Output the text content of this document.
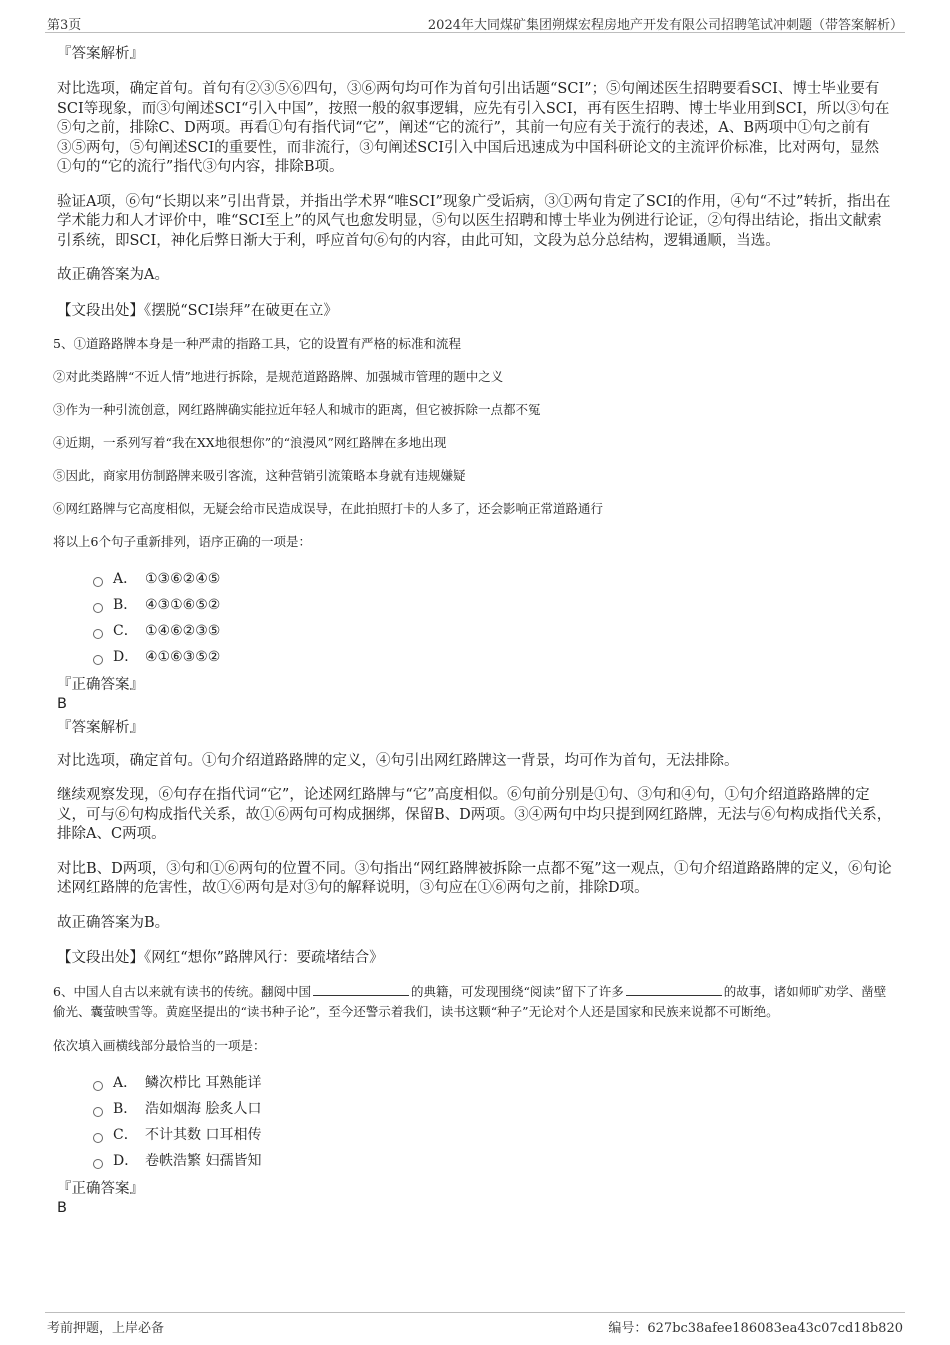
第3页	2024年大同煤矿集团朔煤宏程房地产开发有限公司招聘笔试冲刺题（带答案解析）
『答案解析』
对比选项，确定首句。首句有②③⑤⑥四句，③⑥两句均可作为首句引出话题“SCI”；⑤句阐述医生招聘要看SCI、博士毕业要有SCI等现象，而③句阐述SCI“引入中国”，按照一般的叙事逻辑，应先有引入SCI，再有医生招聘、博士毕业用到SCI，所以③句在⑤句之前，排除C、D两项。再看①句有指代词“它”，阐述“它的流行”，其前一句应有关于流行的表述，A、B两项中①句之前有③⑤两句，⑤句阐述SCI的重要性，而非流行，③句阐述SCI引入中国后迅速成为中国科研论文的主流评价标准，比对两句，显然①句的“它的流行”指代③句内容，排除B项。
验证A项，⑥句“长期以来”引出背景，并指出学术界“唯SCI”现象广受诟病，③①两句肯定了SCI的作用，④句“不过”转折，指出在学术能力和人才评价中，唯“SCI至上”的风气也愈发明显，⑤句以医生招聘和博士毕业为例进行论证，②句得出结论，指出文献索引系统，即SCI，神化后弊日渐大于利，呼应首句⑥句的内容，由此可知，文段为总分总结构，逻辑通顺，当选。
故正确答案为A。
【文段出处】《摆脱“SCI崇拜”在破更在立》
5、①道路路牌本身是一种严肃的指路工具，它的设置有严格的标准和流程
②对此类路牌“不近人情”地进行拆除，是规范道路路牌、加强城市管理的题中之义
③作为一种引流创意，网红路牌确实能拉近年轻人和城市的距离，但它被拆除一点都不冤
④近期，一系列写着“我在XX地很想你”的“浪漫风”网红路牌在多地出现
⑤因此，商家用仿制路牌来吸引客流，这种营销引流策略本身就有违规嫌疑
⑥网红路牌与它高度相似，无疑会给市民造成误导，在此拍照打卡的人多了，还会影响正常道路通行
将以上6个句子重新排列，语序正确的一项是：
A． ①③⑥②④⑤
B． ④③①⑥⑤②
C． ①④⑥②③⑤
D． ④①⑥③⑤②
『正确答案』
B
『答案解析』
对比选项，确定首句。①句介绍道路路牌的定义，④句引出网红路牌这一背景，均可作为首句，无法排除。
继续观察发现，⑥句存在指代词“它”，论述网红路牌与“它”高度相似。⑥句前分别是①句、③句和④句，①句介绍道路路牌的定义，可与⑥句构成指代关系，故①⑥两句可构成捆绑，保留B、D两项。③④两句中均只提到网红路牌，无法与⑥句构成指代关系，排除A、C两项。
对比B、D两项，③句和①⑥两句的位置不同。③句指出“网红路牌被拆除一点都不冤”这一观点，①句介绍道路路牌的定义，⑥句论述网红路牌的危害性，故①⑥两句是对③句的解释说明，③句应在①⑥两句之前，排除D项。
故正确答案为B。
【文段出处】《网红“想你”路牌风行：要疏堵结合》
6、中国人自古以来就有读书的传统。翻阅中国	的典籍，可发现围绕“阅读”留下了许多	的故事，诸如师旷劝学、凿壁偷光、囊萤映雪等。黄庭坚提出的“读书种子论”，至今还警示着我们，读书这颗“种子”无论对个人还是国家和民族来说都不可断绝。
依次填入画横线部分最恰当的一项是：
A． 鳞次栉比 耳熟能详
B． 浩如烟海 脍炙人口
C． 不计其数 口耳相传
D． 卷帙浩繁 妇孺皆知
『正确答案』
B
考前押题，上岸必备	编号：627bc38afee186083ea43c07cd18b820
